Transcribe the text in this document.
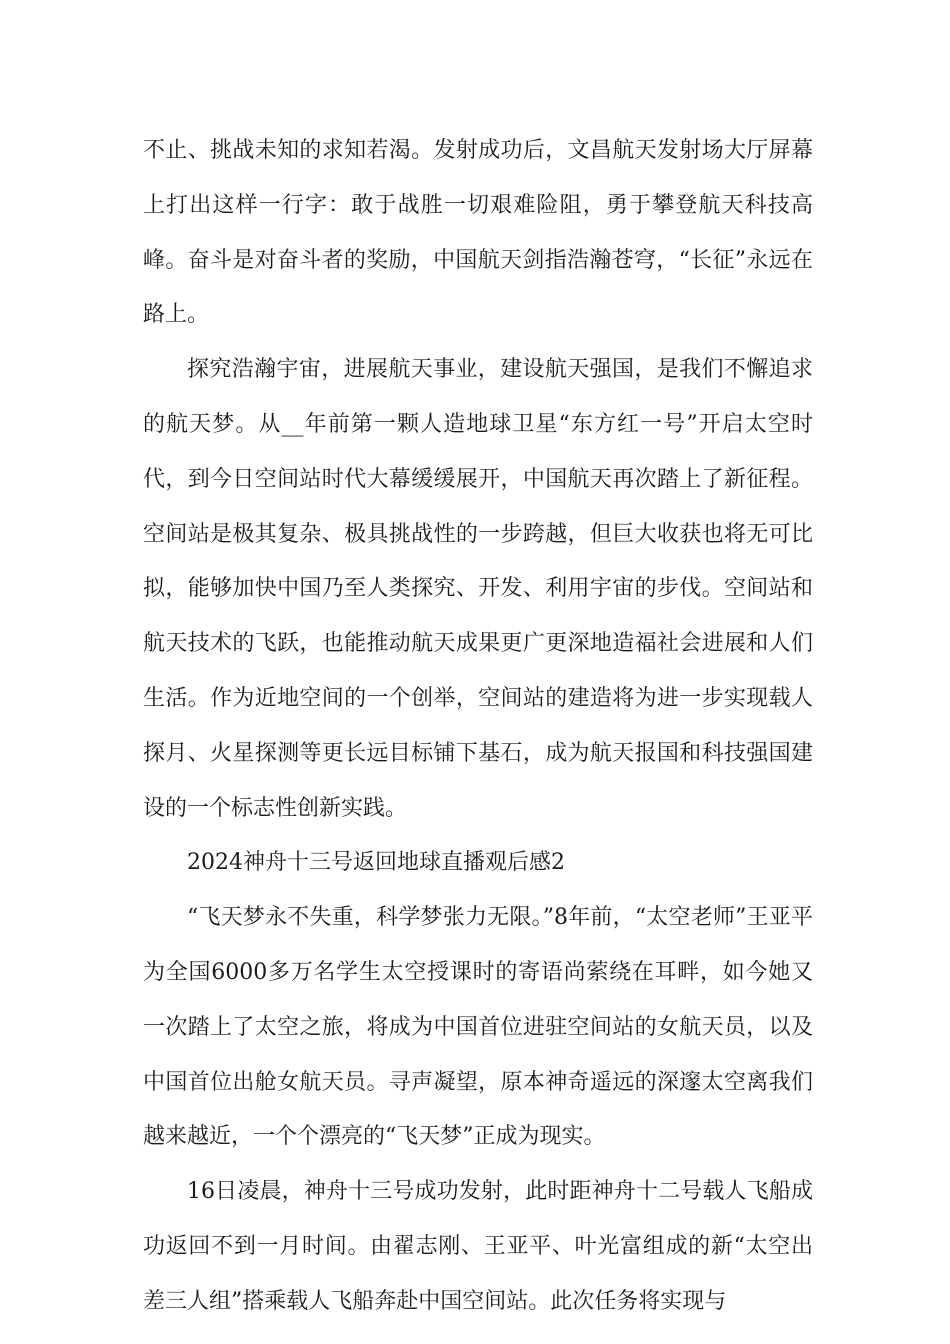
不止、挑战未知的求知若渴。发射成功后，文昌航天发射场大厅屏幕上打出这样一行字：敢于战胜一切艰难险阻，勇于攀登航天科技高峰。奋斗是对奋斗者的奖励，中国航天剑指浩瀚苍穹，“长征”永远在路上。

探究浩瀚宇宙，进展航天事业，建设航天强国，是我们不懈追求的航天梦。从__年前第一颗人造地球卫星“东方红一号”开启太空时代，到今日空间站时代大幕缓缓展开，中国航天再次踏上了新征程。空间站是极其复杂、极具挑战性的一步跨越，但巨大收获也将无可比拟，能够加快中国乃至人类探究、开发、利用宇宙的步伐。空间站和航天技术的飞跃，也能推动航天成果更广更深地造福社会进展和人们生活。作为近地空间的一个创举，空间站的建造将为进一步实现载人探月、火星探测等更长远目标铺下基石，成为航天报国和科技强国建设的一个标志性创新实践。

2024神舟十三号返回地球直播观后感2

“飞天梦永不失重，科学梦张力无限。”8年前，“太空老师”王亚平为全国6000多万名学生太空授课时的寄语尚萦绕在耳畔，如今她又一次踏上了太空之旅，将成为中国首位进驻空间站的女航天员，以及中国首位出舱女航天员。寻声凝望，原本神奇遥远的深邃太空离我们越来越近，一个个漂亮的“飞天梦”正成为现实。

16日凌晨，神舟十三号成功发射，此时距神舟十二号载人飞船成功返回不到一月时间。由翟志刚、王亚平、叶光富组成的新“太空出差三人组”搭乘载人飞船奔赴中国空间站。此次任务将实现与
